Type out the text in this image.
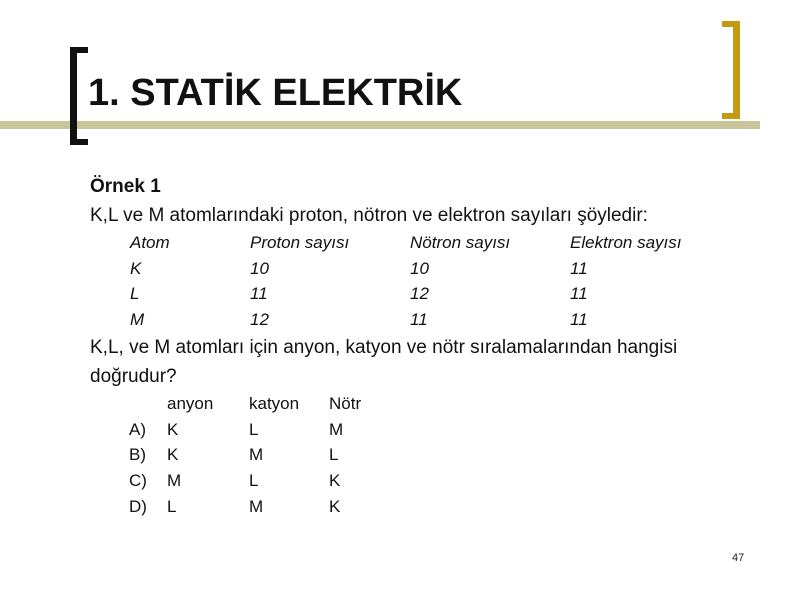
1. STATİK ELEKTRİK
Örnek 1
K,L ve M atomlarındaki proton, nötron ve elektron sayıları şöyledir:
Atom	Proton sayısı	Nötron sayısı	Elektron sayısı
K	10	10	11
L	11	12	11
M	12	11	11
K,L, ve M atomları için anyon, katyon ve nötr sıralamalarından hangisi
doğrudur?
anyon katyon Nötr
A) K	L	M
B) K	M	L
C) M	L	K
D) L	M	K
47
